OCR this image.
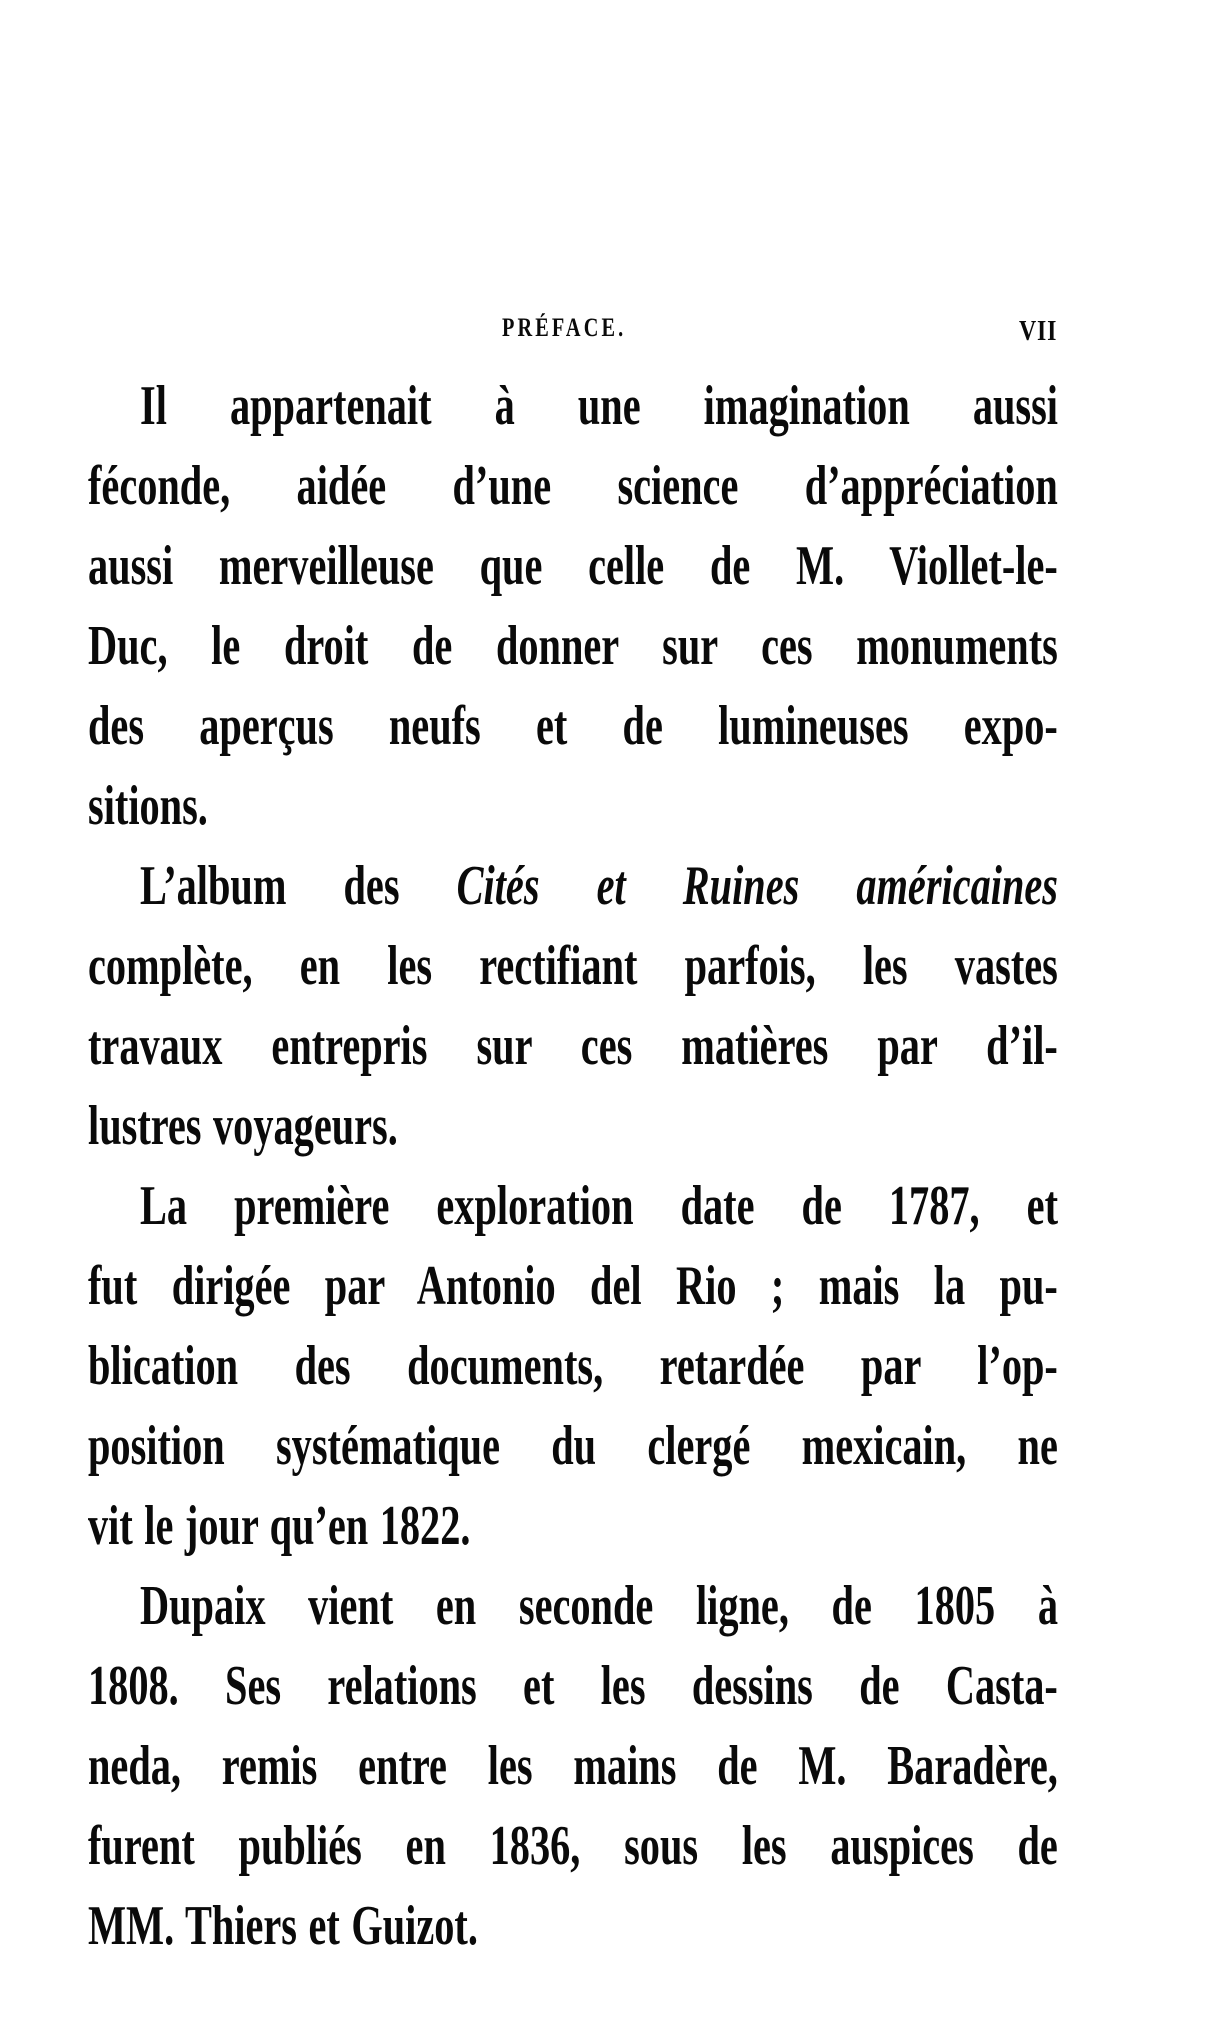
PRÉFACE.	VII
Il appartenait à une imagination aussi
féconde, aidée d’une science d’appréciation
aussi merveilleuse que celle de M. Viollet-le-
Duc, le droit de donner sur ces monuments
des aperçus neufs et de lumineuses expo-
sitions.
L’album des Cités et Ruines américaines
complète, en les rectifiant parfois, les vastes
travaux entrepris sur ces matières par d’il-
lustres voyageurs.
La première exploration date de 1787, et
fut dirigée par Antonio del Rio ; mais la pu-
blication des documents, retardée par l’op-
position systématique du clergé mexicain, ne
vit le jour qu’en 1822.
Dupaix vient en seconde ligne, de 1805 à
1808. Ses relations et les dessins de Casta-
neda, remis entre les mains de M. Baradère,
furent publiés en 1836, sous les auspices de
MM. Thiers et Guizot.
